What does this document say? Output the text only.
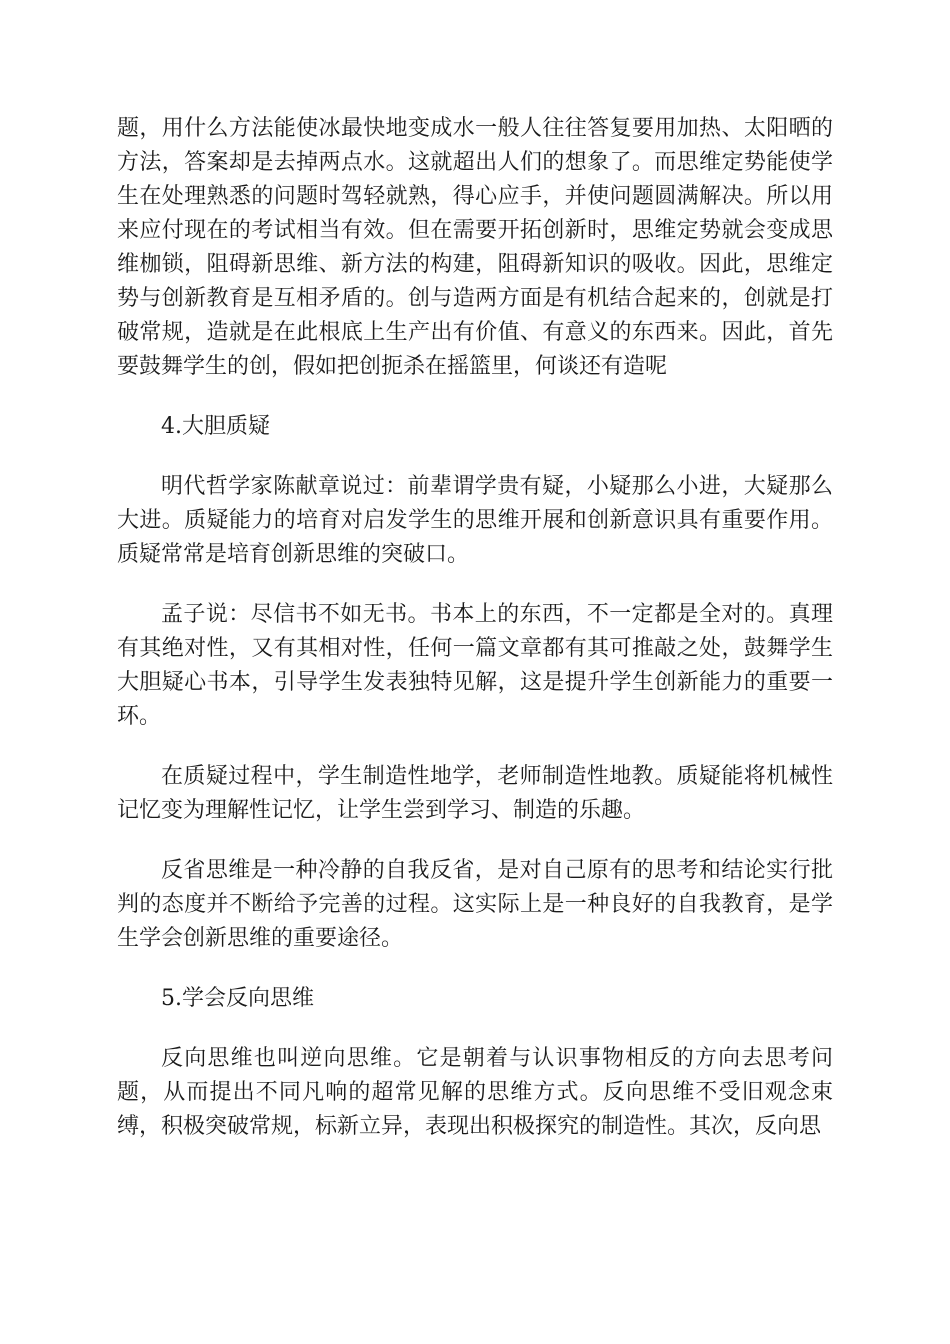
题，用什么方法能使冰最快地变成水一般人往往答复要用加热、太阳晒的方法，答案却是去掉两点水。这就超出人们的想象了。而思维定势能使学生在处理熟悉的问题时驾轻就熟，得心应手，并使问题圆满解决。所以用来应付现在的考试相当有效。但在需要开拓创新时，思维定势就会变成思维枷锁，阻碍新思维、新方法的构建，阻碍新知识的吸收。因此，思维定势与创新教育是互相矛盾的。创与造两方面是有机结合起来的，创就是打破常规，造就是在此根底上生产出有价值、有意义的东西来。因此，首先要鼓舞学生的创，假如把创扼杀在摇篮里，何谈还有造呢

4.大胆质疑

明代哲学家陈献章说过：前辈谓学贵有疑，小疑那么小进，大疑那么大进。质疑能力的培育对启发学生的思维开展和创新意识具有重要作用。质疑常常是培育创新思维的突破口。

孟子说：尽信书不如无书。书本上的东西，不一定都是全对的。真理有其绝对性，又有其相对性，任何一篇文章都有其可推敲之处，鼓舞学生大胆疑心书本，引导学生发表独特见解，这是提升学生创新能力的重要一环。

在质疑过程中，学生制造性地学，老师制造性地教。质疑能将机械性记忆变为理解性记忆，让学生尝到学习、制造的乐趣。

反省思维是一种冷静的自我反省，是对自己原有的思考和结论实行批判的态度并不断给予完善的过程。这实际上是一种良好的自我教育，是学生学会创新思维的重要途径。

5.学会反向思维

反向思维也叫逆向思维。它是朝着与认识事物相反的方向去思考问题，从而提出不同凡响的超常见解的思维方式。反向思维不受旧观念束缚，积极突破常规，标新立异，表现出积极探究的制造性。其次，反向思
